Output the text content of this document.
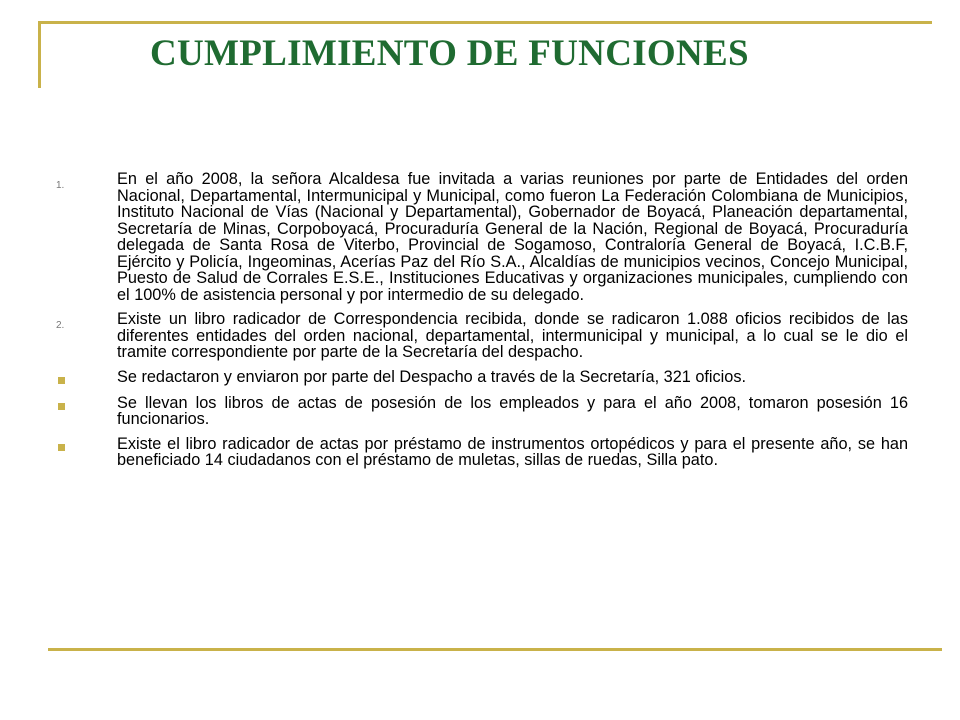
CUMPLIMIENTO DE FUNCIONES
1.	En el año 2008, la señora Alcaldesa fue invitada a varias reuniones por parte de Entidades del orden Nacional, Departamental, Intermunicipal y Municipal, como fueron La Federación Colombiana de Municipios, Instituto Nacional de Vías (Nacional y Departamental), Gobernador de Boyacá, Planeación departamental, Secretaría de Minas, Corpoboyacá, Procuraduría General de la Nación, Regional de Boyacá, Procuraduría delegada de Santa Rosa de Viterbo, Provincial de Sogamoso, Contraloría General de Boyacá, I.C.B.F, Ejército y Policía, Ingeominas, Acerías Paz del Río S.A., Alcaldías de municipios vecinos, Concejo Municipal, Puesto de Salud de Corrales E.S.E., Instituciones Educativas y organizaciones municipales, cumpliendo con el 100% de asistencia personal y por intermedio de su delegado.

2.	Existe un libro radicador de Correspondencia recibida, donde se radicaron 1.088 oficios recibidos de las diferentes entidades del orden nacional, departamental, intermunicipal y municipal, a lo cual se le dio el tramite correspondiente por parte de la Secretaría del despacho.

Se redactaron y enviaron por parte del Despacho a través de la Secretaría, 321 oficios.

Se llevan los libros de actas de posesión de los empleados y para el año 2008, tomaron posesión 16 funcionarios.

Existe el libro radicador de actas por préstamo de instrumentos ortopédicos y para el presente año, se han beneficiado 14 ciudadanos con el préstamo de muletas, sillas de ruedas, Silla pato.
